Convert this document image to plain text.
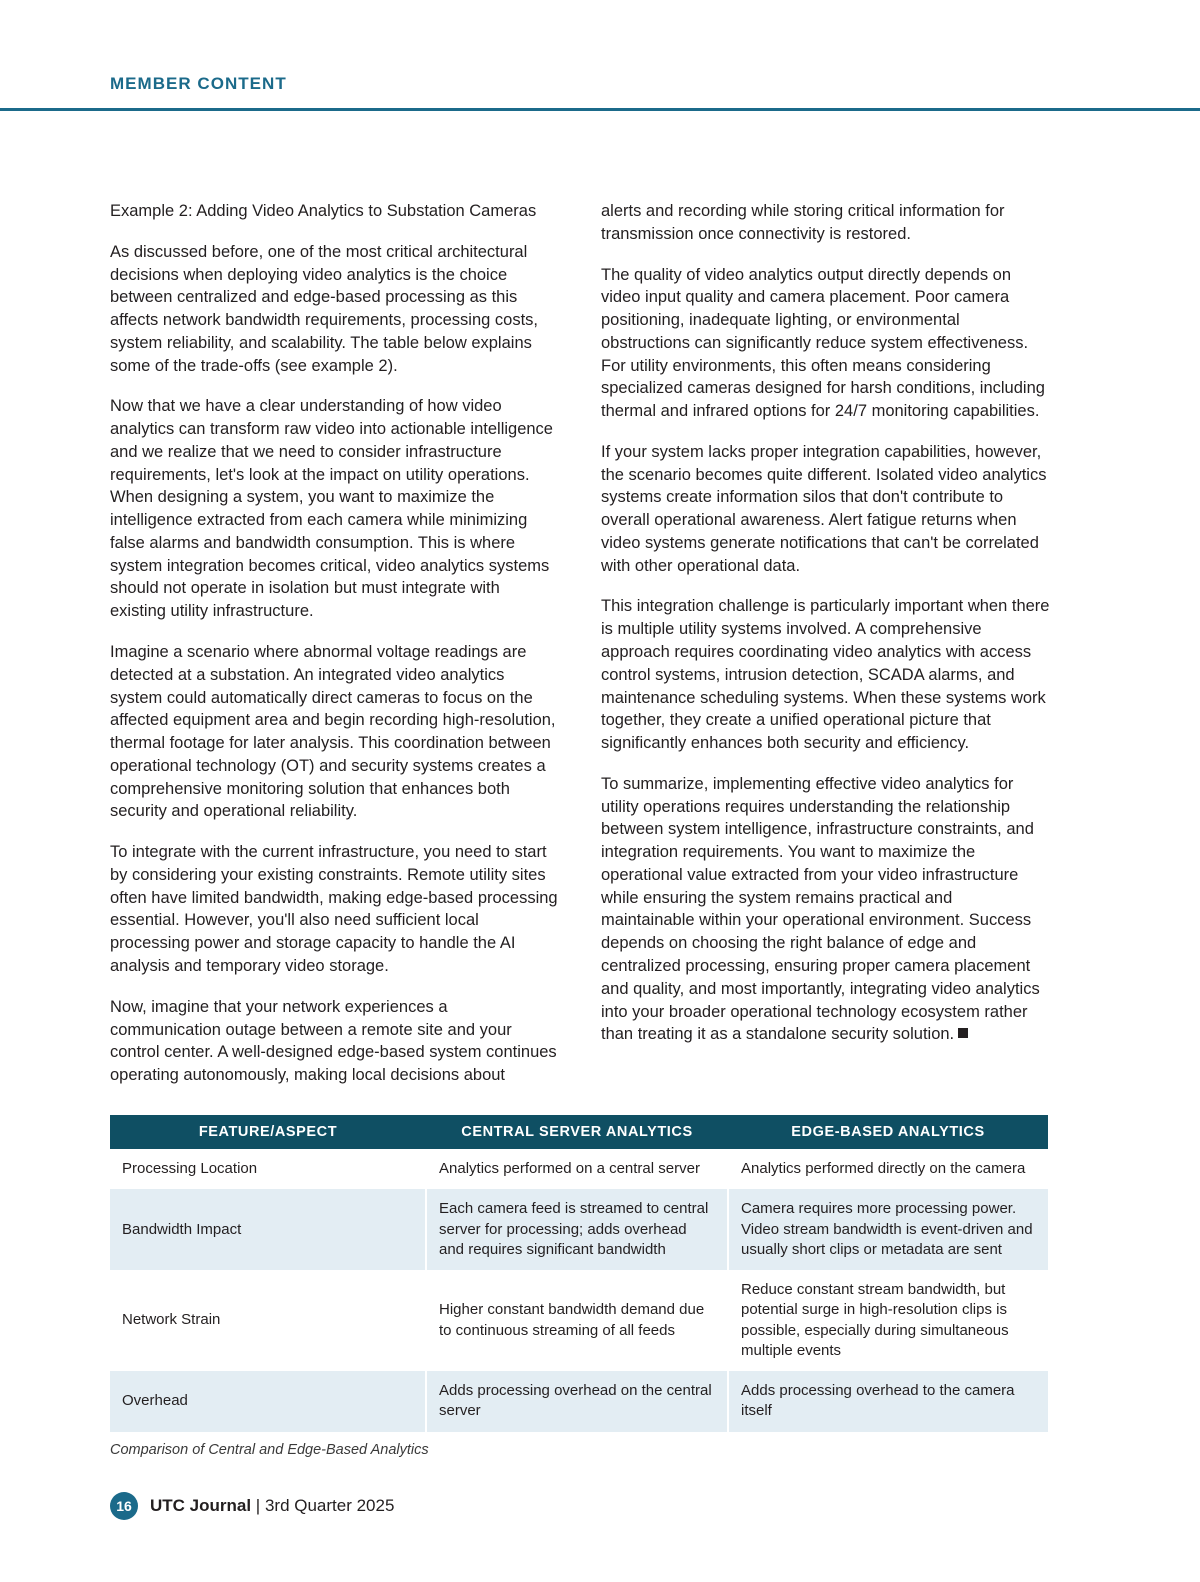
MEMBER CONTENT

Example 2: Adding Video Analytics to Substation Cameras

As discussed before, one of the most critical architectural decisions when deploying video analytics is the choice between centralized and edge-based processing as this affects network bandwidth requirements, processing costs, system reliability, and scalability. The table below explains some of the trade-offs (see example 2).

Now that we have a clear understanding of how video analytics can transform raw video into actionable intelligence and we realize that we need to consider infrastructure requirements, let's look at the impact on utility operations. When designing a system, you want to maximize the intelligence extracted from each camera while minimizing false alarms and bandwidth consumption. This is where system integration becomes critical, video analytics systems should not operate in isolation but must integrate with existing utility infrastructure.

Imagine a scenario where abnormal voltage readings are detected at a substation. An integrated video analytics system could automatically direct cameras to focus on the affected equipment area and begin recording high-resolution, thermal footage for later analysis. This coordination between operational technology (OT) and security systems creates a comprehensive monitoring solution that enhances both security and operational reliability.

To integrate with the current infrastructure, you need to start by considering your existing constraints. Remote utility sites often have limited bandwidth, making edge-based processing essential. However, you'll also need sufficient local processing power and storage capacity to handle the AI analysis and temporary video storage.

Now, imagine that your network experiences a communication outage between a remote site and your control center. A well-designed edge-based system continues operating autonomously, making local decisions about

alerts and recording while storing critical information for transmission once connectivity is restored.

The quality of video analytics output directly depends on video input quality and camera placement. Poor camera positioning, inadequate lighting, or environmental obstructions can significantly reduce system effectiveness. For utility environments, this often means considering specialized cameras designed for harsh conditions, including thermal and infrared options for 24/7 monitoring capabilities.

If your system lacks proper integration capabilities, however, the scenario becomes quite different. Isolated video analytics systems create information silos that don't contribute to overall operational awareness. Alert fatigue returns when video systems generate notifications that can't be correlated with other operational data.

This integration challenge is particularly important when there is multiple utility systems involved. A comprehensive approach requires coordinating video analytics with access control systems, intrusion detection, SCADA alarms, and maintenance scheduling systems. When these systems work together, they create a unified operational picture that significantly enhances both security and efficiency.

To summarize, implementing effective video analytics for utility operations requires understanding the relationship between system intelligence, infrastructure constraints, and integration requirements. You want to maximize the operational value extracted from your video infrastructure while ensuring the system remains practical and maintainable within your operational environment. Success depends on choosing the right balance of edge and centralized processing, ensuring proper camera placement and quality, and most importantly, integrating video analytics into your broader operational technology ecosystem rather than treating it as a standalone security solution.

FEATURE/ASPECT	CENTRAL SERVER ANALYTICS	EDGE-BASED ANALYTICS
Processing Location	Analytics performed on a central server	Analytics performed directly on the camera
Bandwidth Impact	Each camera feed is streamed to central server for processing; adds overhead and requires significant bandwidth	Camera requires more processing power. Video stream bandwidth is event-driven and usually short clips or metadata are sent
Network Strain	Higher constant bandwidth demand due to continuous streaming of all feeds	Reduce constant stream bandwidth, but potential surge in high-resolution clips is possible, especially during simultaneous multiple events
Overhead	Adds processing overhead on the central server	Adds processing overhead to the camera itself
Comparison of Central and Edge-Based Analytics
16	UTC Journal | 3rd Quarter 2025
